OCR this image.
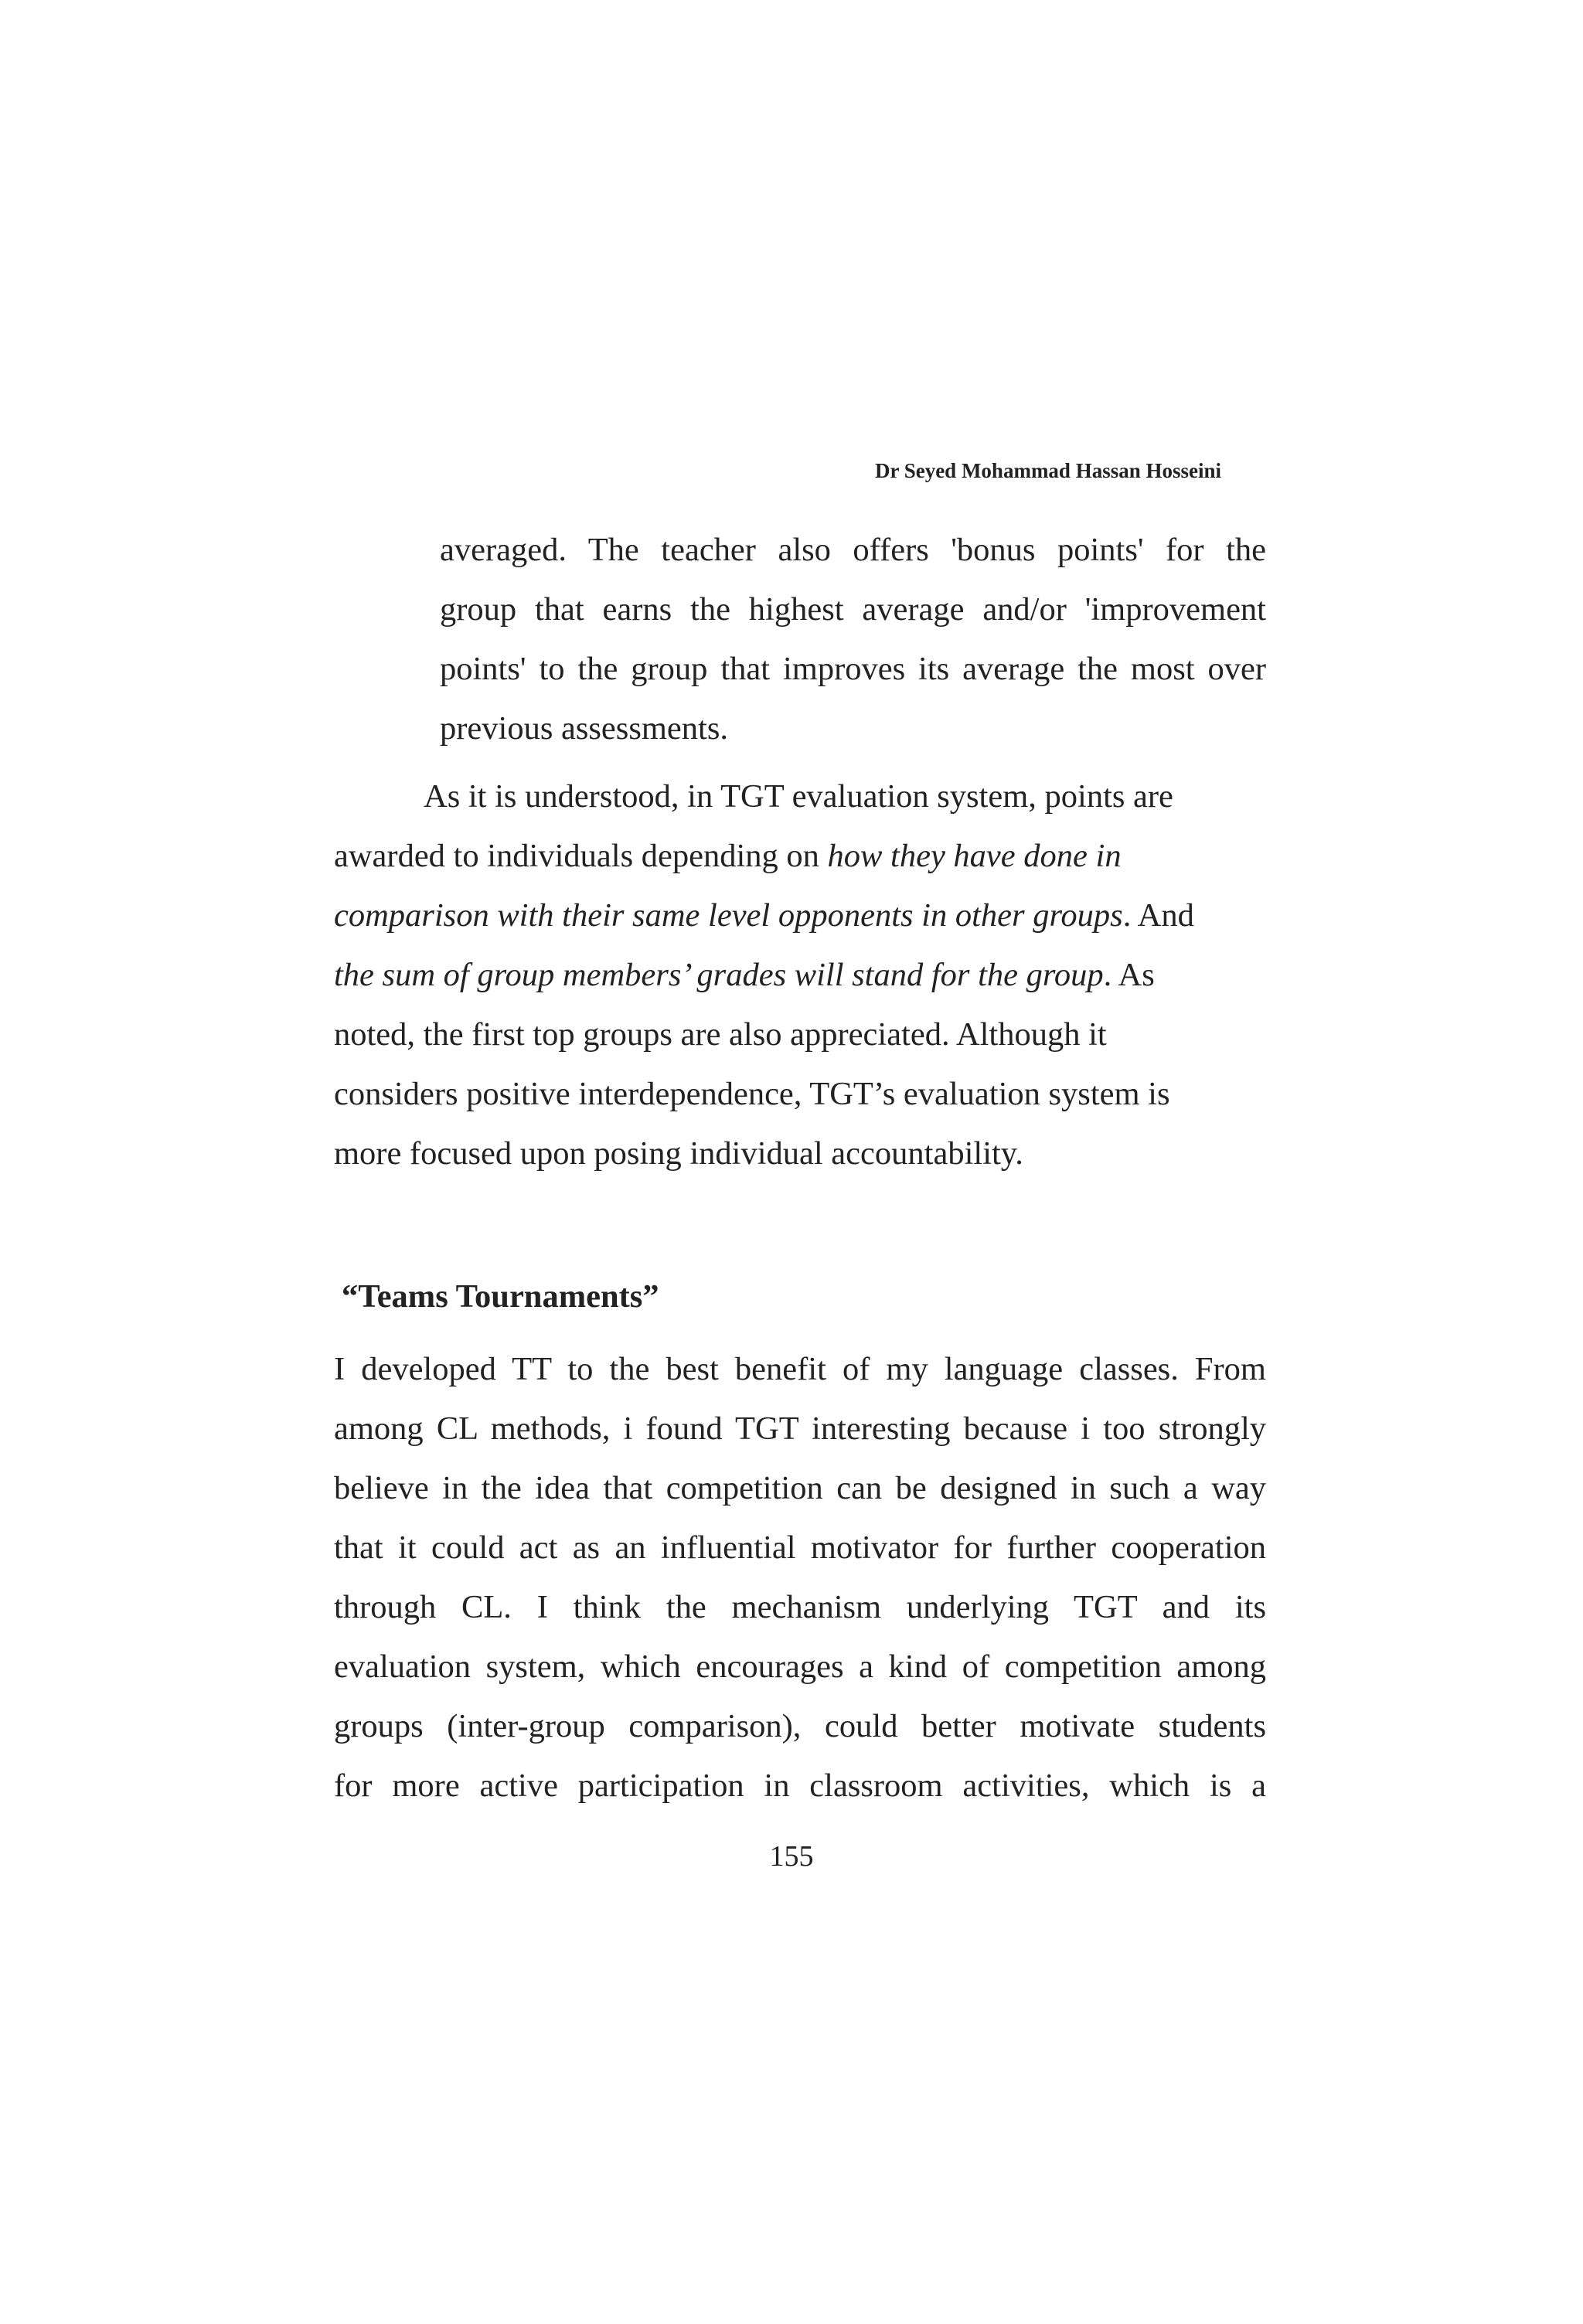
Dr Seyed Mohammad Hassan Hosseini
averaged. The teacher also offers 'bonus points' for the
group that earns the highest average and/or 'improvement
points' to the group that improves its average the most over
previous assessments.
As it is understood, in TGT evaluation system, points are
awarded to individuals depending on how they have done in
comparison with their same level opponents in other groups. And
the sum of group members’ grades will stand for the group. As
noted, the first top groups are also appreciated. Although it
considers positive interdependence, TGT’s evaluation system is
more focused upon posing individual accountability.
“Teams Tournaments”
I developed TT to the best benefit of my language classes. From
among CL methods, i found TGT interesting because i too strongly
believe in the idea that competition can be designed in such a way
that it could act as an influential motivator for further cooperation
through CL. I think the mechanism underlying TGT and its
evaluation system, which encourages a kind of competition among
groups (inter-group comparison), could better motivate students
for more active participation in classroom activities, which is a
155
